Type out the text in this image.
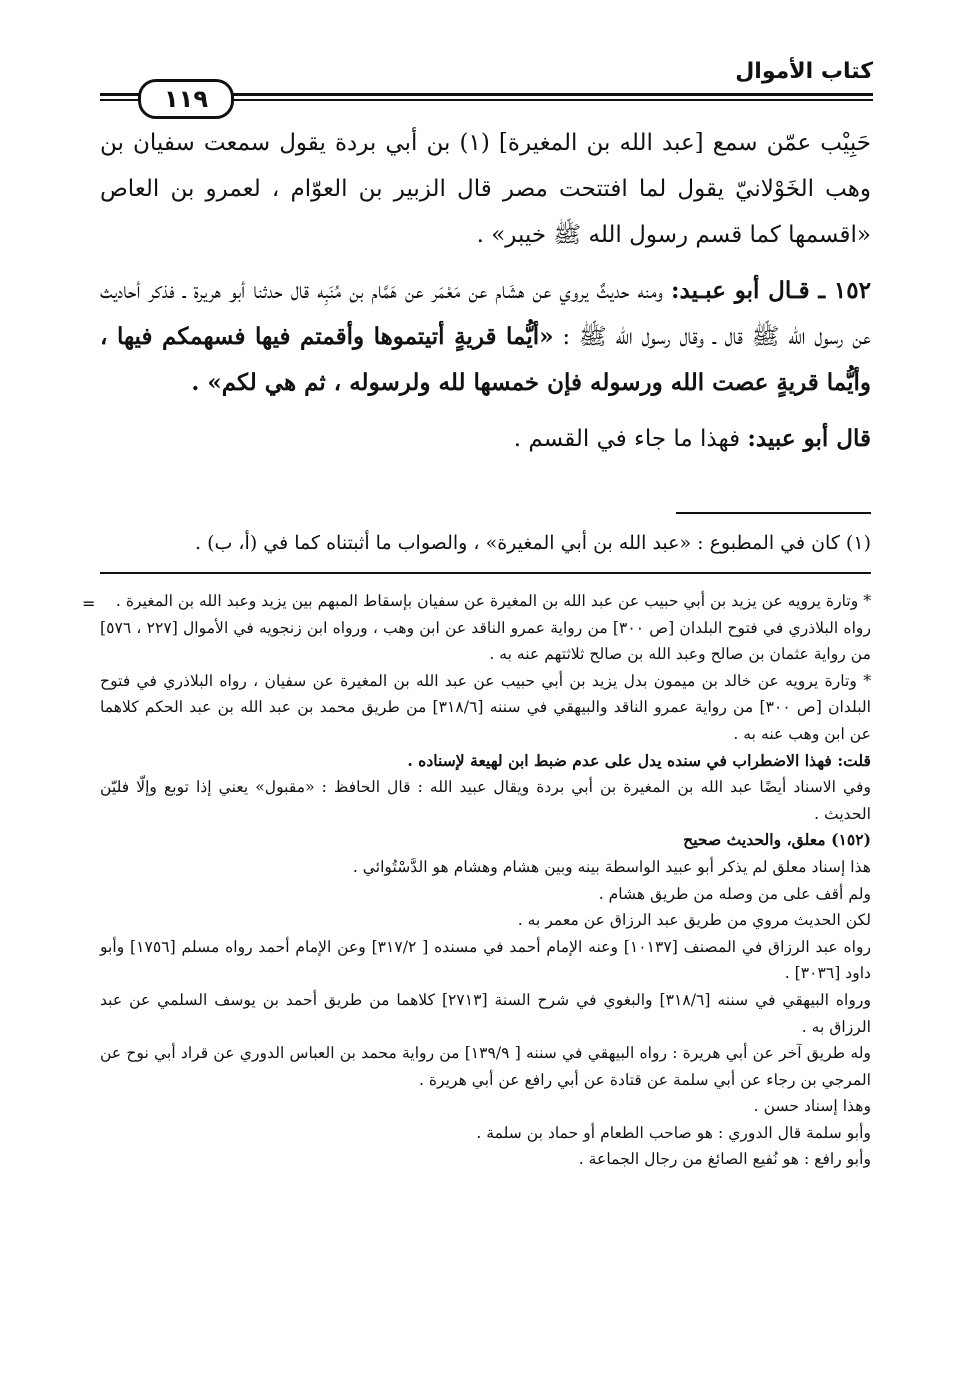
كتاب الأموال
١١٩

حَبِيْب عمّن سمع [عبد الله بن المغيرة] (١) بن أبي بردة يقول سمعت سفيان بن وهب الخَوْلانيّ يقول لما افتتحت مصر قال الزبير بن العوّام ، لعمرو بن العاص «اقسمها كما قسم رسول الله ﷺ خيبر» .

١٥٢ ـ قـال أبو عبـيد: ومنه حديثٌ يروي عن هشَام عن مَعْمَر عن هَمَّام بن مُنَبِه قال حدثنا أبو هريرة ـ فذكر أحاديث عن رسول الله ﷺ قال ـ وقال رسول الله ﷺ : «أيُّما قريةٍ أتيتموها وأقمتم فيها فسهمكم فيها ، وأيُّما قريةٍ عصت الله ورسوله فإن خمسها لله ولرسوله ، ثم هي لكم» .

قال أبو عبيد: فهذا ما جاء في القسم .

(١) كان في المطبوع : «عبد الله بن أبي المغيرة» ، والصواب ما أثبتناه كما في (أ، ب) .
=	* وتارة يرويه عن يزيد بن أبي حبيب عن عبد الله بن المغيرة عن سفيان بإسقاط المبهم بين يزيد وعبد الله بن المغيرة .

رواه البلاذري في فتوح البلدان [ص ٣٠٠] من رواية عمرو الناقد عن ابن وهب ، ورواه ابن زنجويه في الأموال [٢٢٧ ، ٥٧٦] من رواية عثمان بن صالح وعبد الله بن صالح ثلاثتهم عنه به .

* وتارة يرويه عن خالد بن ميمون بدل يزيد بن أبي حبيب عن عبد الله بن المغيرة عن سفيان ، رواه البلاذري في فتوح البلدان [ص ٣٠٠] من رواية عمرو الناقد والبيهقي في سننه [٣١٨/٦] من طريق محمد بن عبد الله بن عبد الحكم كلاهما عن ابن وهب عنه به .

قلت: فهذا الاضطراب في سنده يدل على عدم ضبط ابن لهيعة لإسناده .

وفي الاسناد أيضًا عبد الله بن المغيرة بن أبي بردة ويقال عبيد الله : قال الحافظ : «مقبول» يعني إذا توبع وإلّا فليّن الحديث .

(١٥٢) معلق، والحديث صحيح

هذا إسناد معلق لم يذكر أبو عبيد الواسطة بينه وبين هشام وهشام هو الدَّسْتُوائي .

ولم أقف على من وصله من طريق هشام .

لكن الحديث مروي من طريق عبد الرزاق عن معمر به .

رواه عبد الرزاق في المصنف [١٠١٣٧] وعنه الإمام أحمد في مسنده [ ٣١٧/٢] وعن الإمام أحمد رواه مسلم [١٧٥٦] وأبو داود [٣٠٣٦] .

ورواه البيهقي في سننه [٣١٨/٦] والبغوي في شرح السنة [٢٧١٣] كلاهما من طريق أحمد بن يوسف السلمي عن عبد الرزاق به .

وله طريق آخر عن أبي هريرة : رواه البيهقي في سننه [ ١٣٩/٩] من رواية محمد بن العباس الدوري عن قراد أبي نوح عن المرجي بن رجاء عن أبي سلمة عن قتادة عن أبي رافع عن أبي هريرة .

وهذا إسناد حسن .

وأبو سلمة قال الدوري : هو صاحب الطعام أو حماد بن سلمة .

وأبو رافع : هو نُفيع الصائغ من رجال الجماعة .
